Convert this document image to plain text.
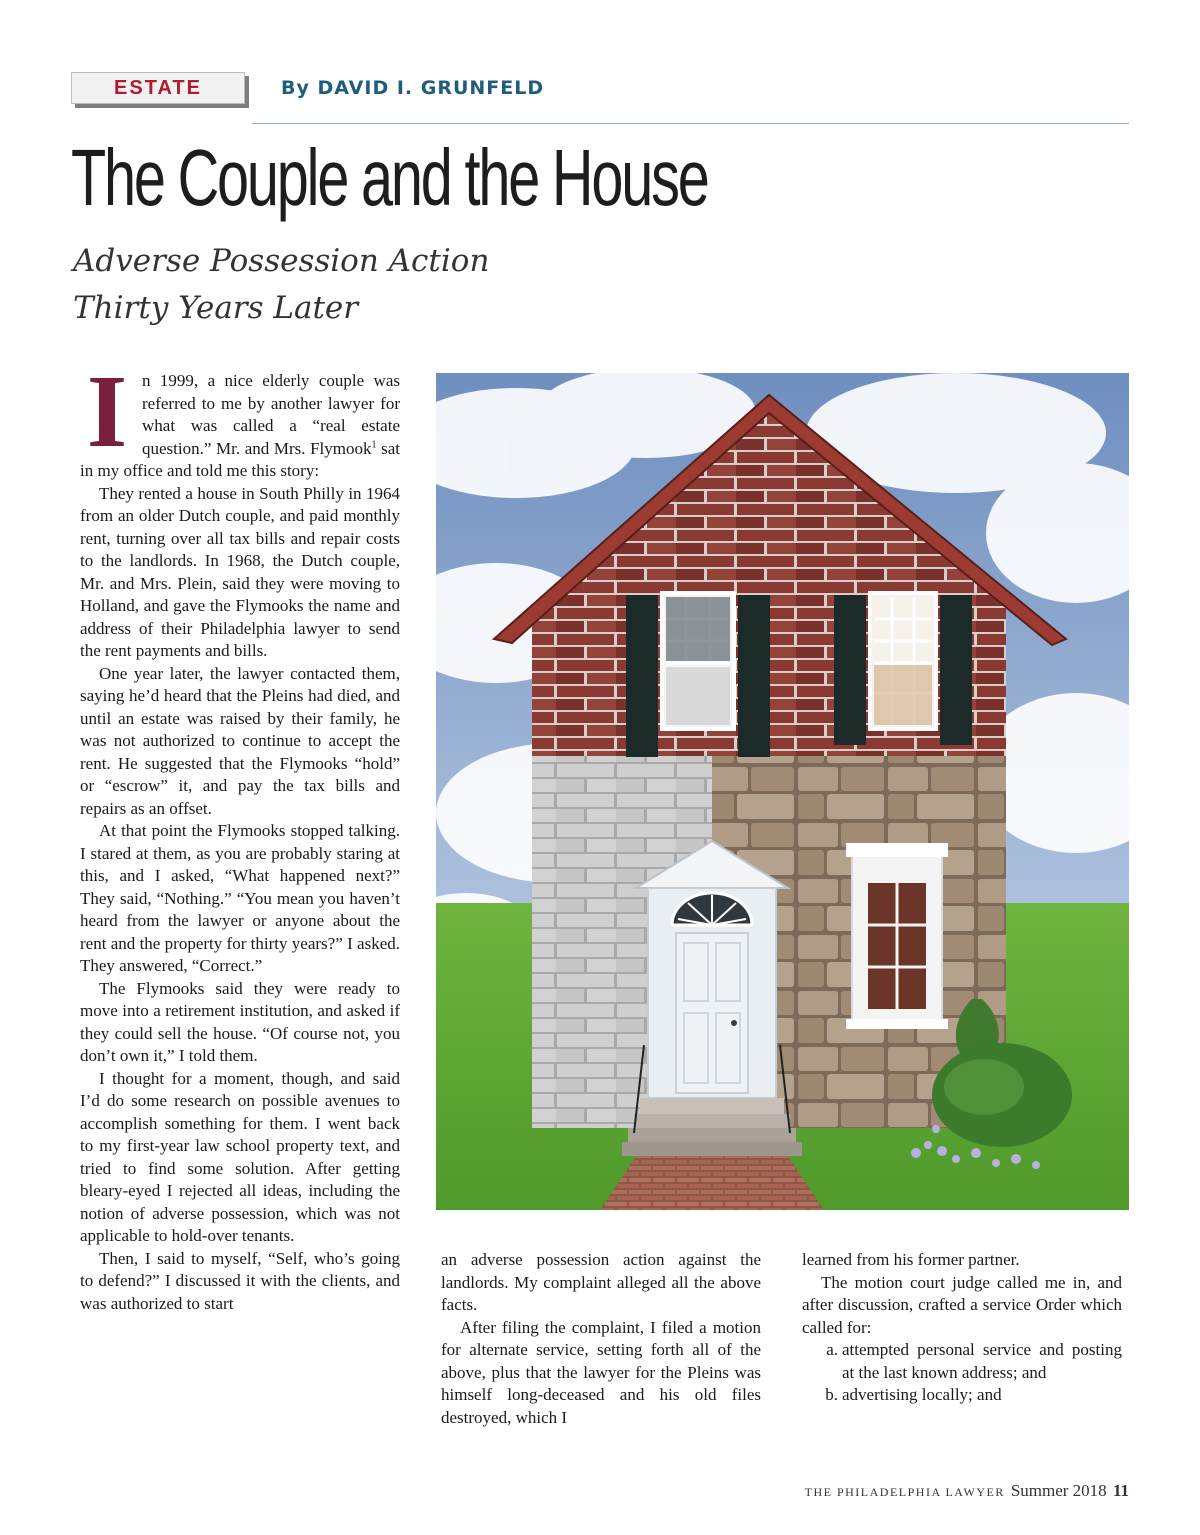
ESTATE	By DAVID I. GRUNFELD
The Couple and the House
Adverse Possession Action
Thirty Years Later

I n 1999, a nice elderly couple was referred to me by another lawyer for what was called a “real estate question.” Mr. and Mrs. Flymook$^1$ sat in my office and told me this story:

They rented a house in South Philly in 1964 from an older Dutch couple, and paid monthly rent, turning over all tax bills and repair costs to the landlords. In 1968, the Dutch couple, Mr. and Mrs. Plein, said they were moving to Holland, and gave the Flymooks the name and address of their Philadelphia lawyer to send the rent payments and bills.

One year later, the lawyer contacted them, saying he’d heard that the Pleins had died, and until an estate was raised by their family, he was not authorized to continue to accept the rent. He suggested that the Flymooks “hold” or “escrow” it, and pay the tax bills and repairs as an offset.

At that point the Flymooks stopped talking. I stared at them, as you are probably staring at this, and I asked, “What happened next?” They said, “Nothing.” “You mean you haven’t heard from the lawyer or anyone about the rent and the property for thirty years?” I asked. They answered, “Correct.”

The Flymooks said they were ready to move into a retirement institution, and asked if they could sell the house. “Of course not, you don’t own it,” I told them.

I thought for a moment, though, and said I’d do some research on possible avenues to accomplish something for them. I went back to my first-year law school property text, and tried to find some solution. After getting bleary-eyed I rejected all ideas, including the notion of adverse possession, which was not applicable to hold-over tenants.

Then, I said to myself, “Self, who’s going to defend?” I discussed it with the clients, and was authorized to start

an adverse possession action against the landlords. My complaint alleged all the above facts.

After filing the complaint, I filed a motion for alternate service, setting forth all of the above, plus that the lawyer for the Pleins was himself long-deceased and his old files destroyed, which I

learned from his former partner.

The motion court judge called me in, and after discussion, crafted a service Order which called for:

a. attempted personal service and posting at the last known address; and
b. advertising locally; and
THE PHILADELPHIA LAWYER Summer 2018 11
